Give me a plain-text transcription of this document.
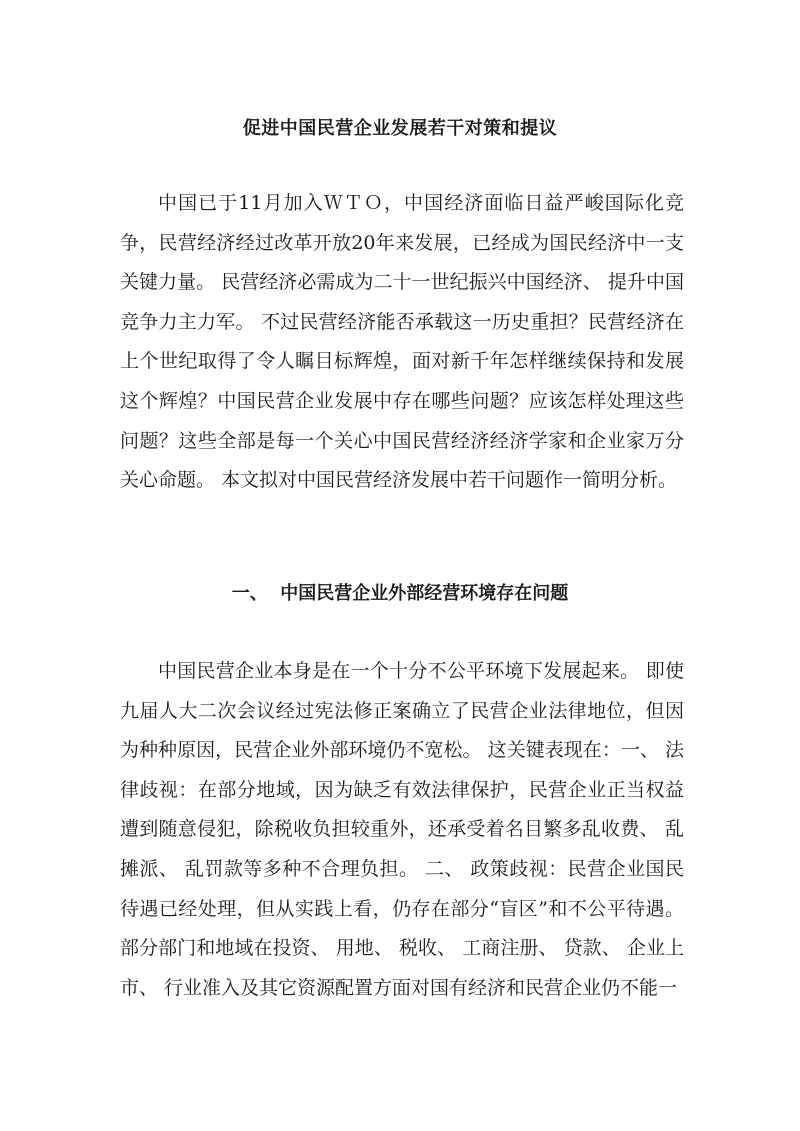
促进中国民营企业发展若干对策和提议

中国已于11月加入ＷＴＯ，中国经济面临日益严峻国际化竞争，民营经济经过改革开放20年来发展，已经成为国民经济中一支关键力量。 民营经济必需成为二十一世纪振兴中国经济、 提升中国竞争力主力军。 不过民营经济能否承载这一历史重担？民营经济在上个世纪取得了令人瞩目标辉煌，面对新千年怎样继续保持和发展这个辉煌？中国民营企业发展中存在哪些问题？应该怎样处理这些问题？这些全部是每一个关心中国民营经济经济学家和企业家万分关心命题。 本文拟对中国民营经济发展中若干问题作一简明分析。

一、  中国民营企业外部经营环境存在问题

中国民营企业本身是在一个十分不公平环境下发展起来。 即使九届人大二次会议经过宪法修正案确立了民营企业法律地位，但因为种种原因，民营企业外部环境仍不宽松。 这关键表现在：一、 法律歧视：在部分地域，因为缺乏有效法律保护，民营企业正当权益遭到随意侵犯，除税收负担较重外，还承受着名目繁多乱收费、 乱摊派、 乱罚款等多种不合理负担。 二、 政策歧视：民营企业国民待遇已经处理，但从实践上看，仍存在部分“盲区”和不公平待遇。 部分部门和地域在投资、 用地、 税收、 工商注册、 贷款、 企业上市、 行业准入及其它资源配置方面对国有经济和民营企业仍不能一
